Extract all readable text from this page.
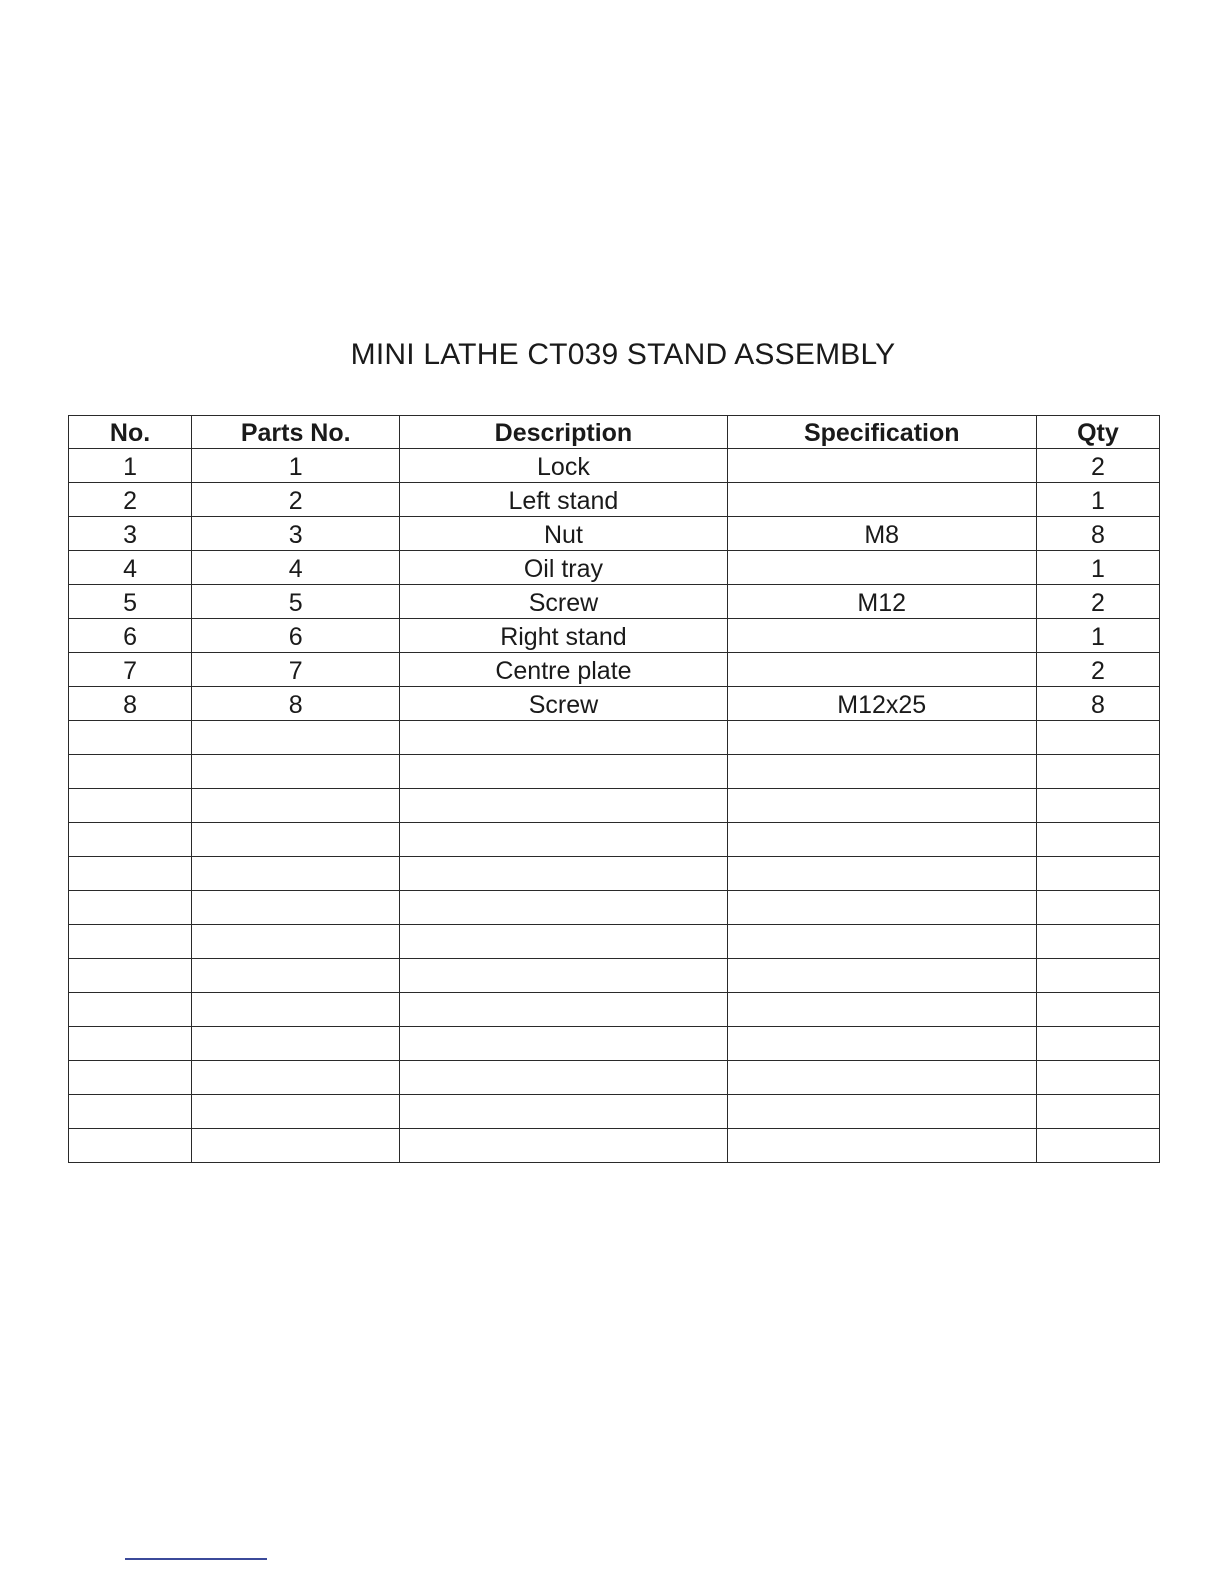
MINI LATHE CT039 STAND ASSEMBLY
No.	Parts No.	Description	Specification	Qty
1	1	Lock		2
2	2	Left stand		1
3	3	Nut	M8	8
4	4	Oil tray		1
5	5	Screw	M12	2
6	6	Right stand		1
7	7	Centre plate		2
8	8	Screw	M12x25	8
